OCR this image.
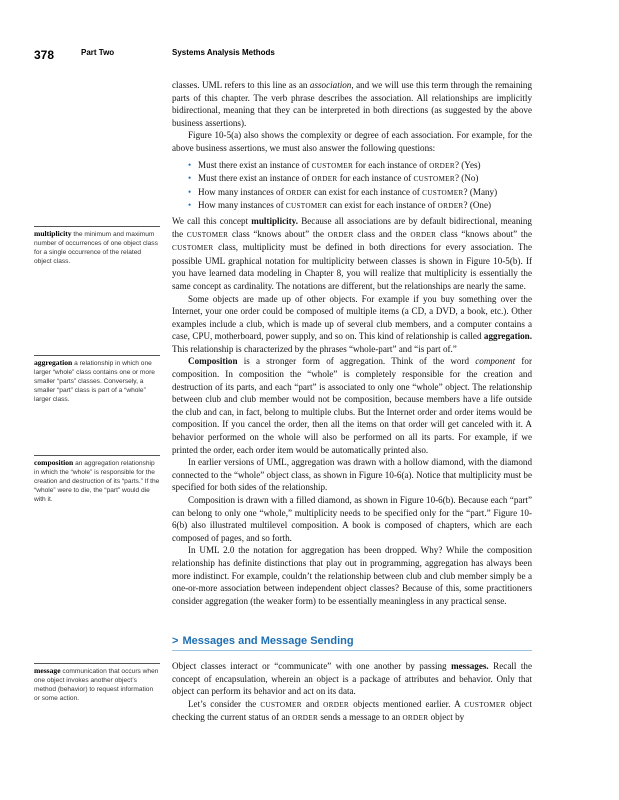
378	Part Two	Systems Analysis Methods
multiplicity the minimum and maximum number of occurrences of one object class for a single occurrence of the related object class.
aggregation a relationship in which one larger “whole” class contains one or more smaller “parts” classes. Conversely, a smaller “part” class is part of a “whole” larger class.
composition an aggregation relationship in which the “whole” is responsible for the creation and destruction of its “parts.” If the “whole” were to die, the “part” would die with it.
message communication that occurs when one object invokes another object’s method (behavior) to request information or some action.

classes. UML refers to this line as an association, and we will use this term through the remaining parts of this chapter. The verb phrase describes the association. All relationships are implicitly bidirectional, meaning that they can be interpreted in both directions (as suggested by the above business assertions).

Figure 10-5(a) also shows the complexity or degree of each association. For example, for the above business assertions, we must also answer the following questions:

• Must there exist an instance of CUSTOMER for each instance of ORDER? (Yes)
• Must there exist an instance of ORDER for each instance of CUSTOMER? (No)
• How many instances of ORDER can exist for each instance of CUSTOMER? (Many)
• How many instances of CUSTOMER can exist for each instance of ORDER? (One)

We call this concept multiplicity. Because all associations are by default bidirectional, meaning the CUSTOMER class “knows about” the ORDER class and the ORDER class “knows about” the CUSTOMER class, multiplicity must be defined in both directions for every association. The possible UML graphical notation for multiplicity between classes is shown in Figure 10-5(b). If you have learned data modeling in Chapter 8, you will realize that multiplicity is essentially the same concept as cardinality. The notations are different, but the relationships are nearly the same.

Some objects are made up of other objects. For example if you buy something over the Internet, your one order could be composed of multiple items (a CD, a DVD, a book, etc.). Other examples include a club, which is made up of several club members, and a computer contains a case, CPU, motherboard, power supply, and so on. This kind of relationship is called aggregation. This relationship is characterized by the phrases “whole-part” and “is part of.”

Composition is a stronger form of aggregation. Think of the word component for composition. In composition the “whole” is completely responsible for the creation and destruction of its parts, and each “part” is associated to only one “whole” object. The relationship between club and club member would not be composition, because members have a life outside the club and can, in fact, belong to multiple clubs. But the Internet order and order items would be composition. If you cancel the order, then all the items on that order will get canceled with it. A behavior performed on the whole will also be performed on all its parts. For example, if we printed the order, each order item would be automatically printed also.

In earlier versions of UML, aggregation was drawn with a hollow diamond, with the diamond connected to the “whole” object class, as shown in Figure 10-6(a). Notice that multiplicity must be specified for both sides of the relationship.

Composition is drawn with a filled diamond, as shown in Figure 10-6(b). Because each “part” can belong to only one “whole,” multiplicity needs to be specified only for the “part.” Figure 10-6(b) also illustrated multilevel composition. A book is composed of chapters, which are each composed of pages, and so forth.

In UML 2.0 the notation for aggregation has been dropped. Why? While the composition relationship has definite distinctions that play out in programming, aggregation has always been more indistinct. For example, couldn’t the relationship between club and club member simply be a one-or-more association between independent object classes? Because of this, some practitioners consider aggregation (the weaker form) to be essentially meaningless in any practical sense.

> Messages and Message Sending

Object classes interact or “communicate” with one another by passing messages. Recall the concept of encapsulation, wherein an object is a package of attributes and behavior. Only that object can perform its behavior and act on its data.

Let’s consider the CUSTOMER and ORDER objects mentioned earlier. A CUSTOMER object checking the current status of an ORDER sends a message to an ORDER object by
